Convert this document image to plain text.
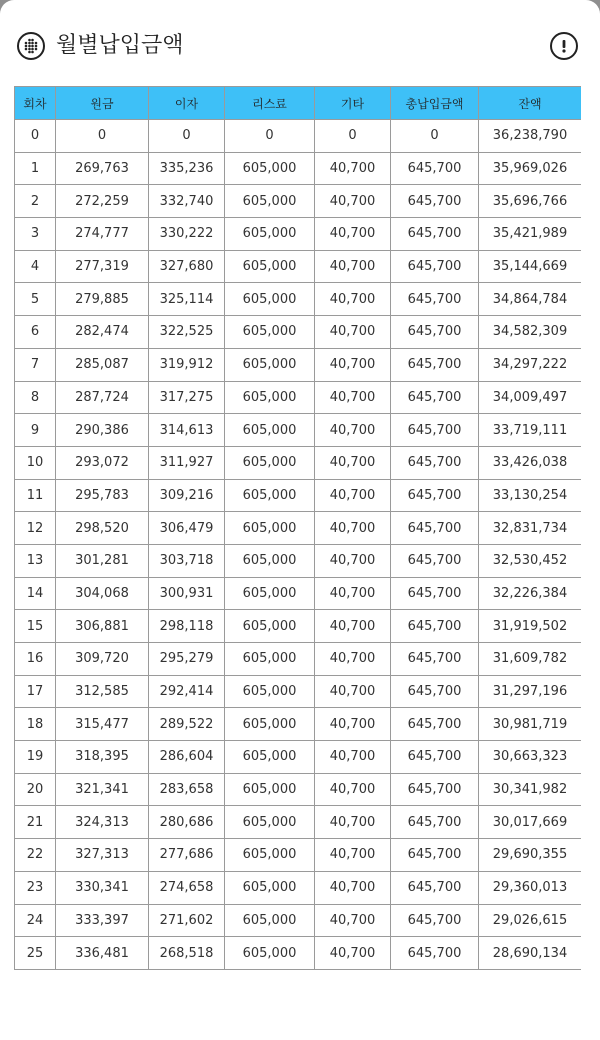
월별납입금액
회차	원금	이자	리스료	기타	총납입금액	잔액
0	0	0	0	0	0	36,238,790
1	269,763	335,236	605,000	40,700	645,700	35,969,026
2	272,259	332,740	605,000	40,700	645,700	35,696,766
3	274,777	330,222	605,000	40,700	645,700	35,421,989
4	277,319	327,680	605,000	40,700	645,700	35,144,669
5	279,885	325,114	605,000	40,700	645,700	34,864,784
6	282,474	322,525	605,000	40,700	645,700	34,582,309
7	285,087	319,912	605,000	40,700	645,700	34,297,222
8	287,724	317,275	605,000	40,700	645,700	34,009,497
9	290,386	314,613	605,000	40,700	645,700	33,719,111
10	293,072	311,927	605,000	40,700	645,700	33,426,038
11	295,783	309,216	605,000	40,700	645,700	33,130,254
12	298,520	306,479	605,000	40,700	645,700	32,831,734
13	301,281	303,718	605,000	40,700	645,700	32,530,452
14	304,068	300,931	605,000	40,700	645,700	32,226,384
15	306,881	298,118	605,000	40,700	645,700	31,919,502
16	309,720	295,279	605,000	40,700	645,700	31,609,782
17	312,585	292,414	605,000	40,700	645,700	31,297,196
18	315,477	289,522	605,000	40,700	645,700	30,981,719
19	318,395	286,604	605,000	40,700	645,700	30,663,323
20	321,341	283,658	605,000	40,700	645,700	30,341,982
21	324,313	280,686	605,000	40,700	645,700	30,017,669
22	327,313	277,686	605,000	40,700	645,700	29,690,355
23	330,341	274,658	605,000	40,700	645,700	29,360,013
24	333,397	271,602	605,000	40,700	645,700	29,026,615
25	336,481	268,518	605,000	40,700	645,700	28,690,134
